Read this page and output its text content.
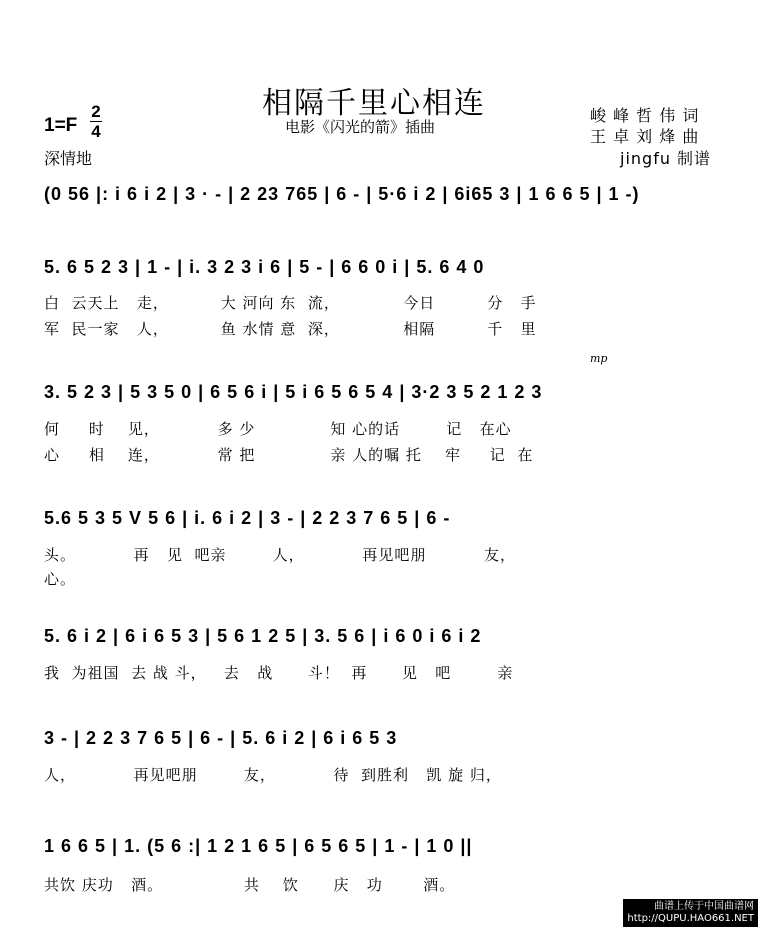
相隔千里心相连
电影《闪光的箭》插曲
峻 峰 哲 伟 词
王 卓 刘 烽 曲
jingfu 制谱
1=F
2
4
深情地
(0 56 |: i 6 i 2 | 3 · - | 2 23 765 | 6 - | 5·6 i 2 | 6i65 3 | 1 6 6 5 | 1 -)
5. 6 5 2 3 | 1 - | i. 3 2 3 i 6 | 5 - | 6 6 0 i | 5. 6 4 0
白  云天上   走，         大 河向 东  流，           今日         分   手
军  民一家   人，         鱼 水情 意  深，           相隔         千   里
mp
3. 5 2 3 | 5 3 5 0 | 6 5 6 i | 5 i 6 5 6 5 4 | 3·2 3 5 2 1 2 3
何     时    见，          多 少             知 心的话        记   在心
心     相    连，          常 把             亲 人的嘱 托    牢     记  在
5.6 5 3 5 V 5 6 | i. 6 i 2 | 3 - | 2 2 3 7 6 5 | 6 -
头。          再   见  吧亲        人，          再见吧朋          友，
心。
5. 6 i 2 | 6 i 6 5 3 | 5 6 1 2 5 | 3. 5 6 | i 6 0 i 6 i 2
我  为祖国  去 战 斗，   去   战      斗！  再      见   吧        亲
3 - | 2 2 3 7 6 5 | 6 - | 5. 6 i 2 | 6 i 6 5 3
人，          再见吧朋        友，          待  到胜利   凯 旋 归，
1 6 6 5 | 1. (5 6 :| 1 2 1 6 5 | 6 5 6 5 | 1 - | 1 0 ||
共饮 庆功   酒。              共    饮      庆   功       酒。
曲谱上传于中国曲谱网
http://QUPU.HAO661.NET
